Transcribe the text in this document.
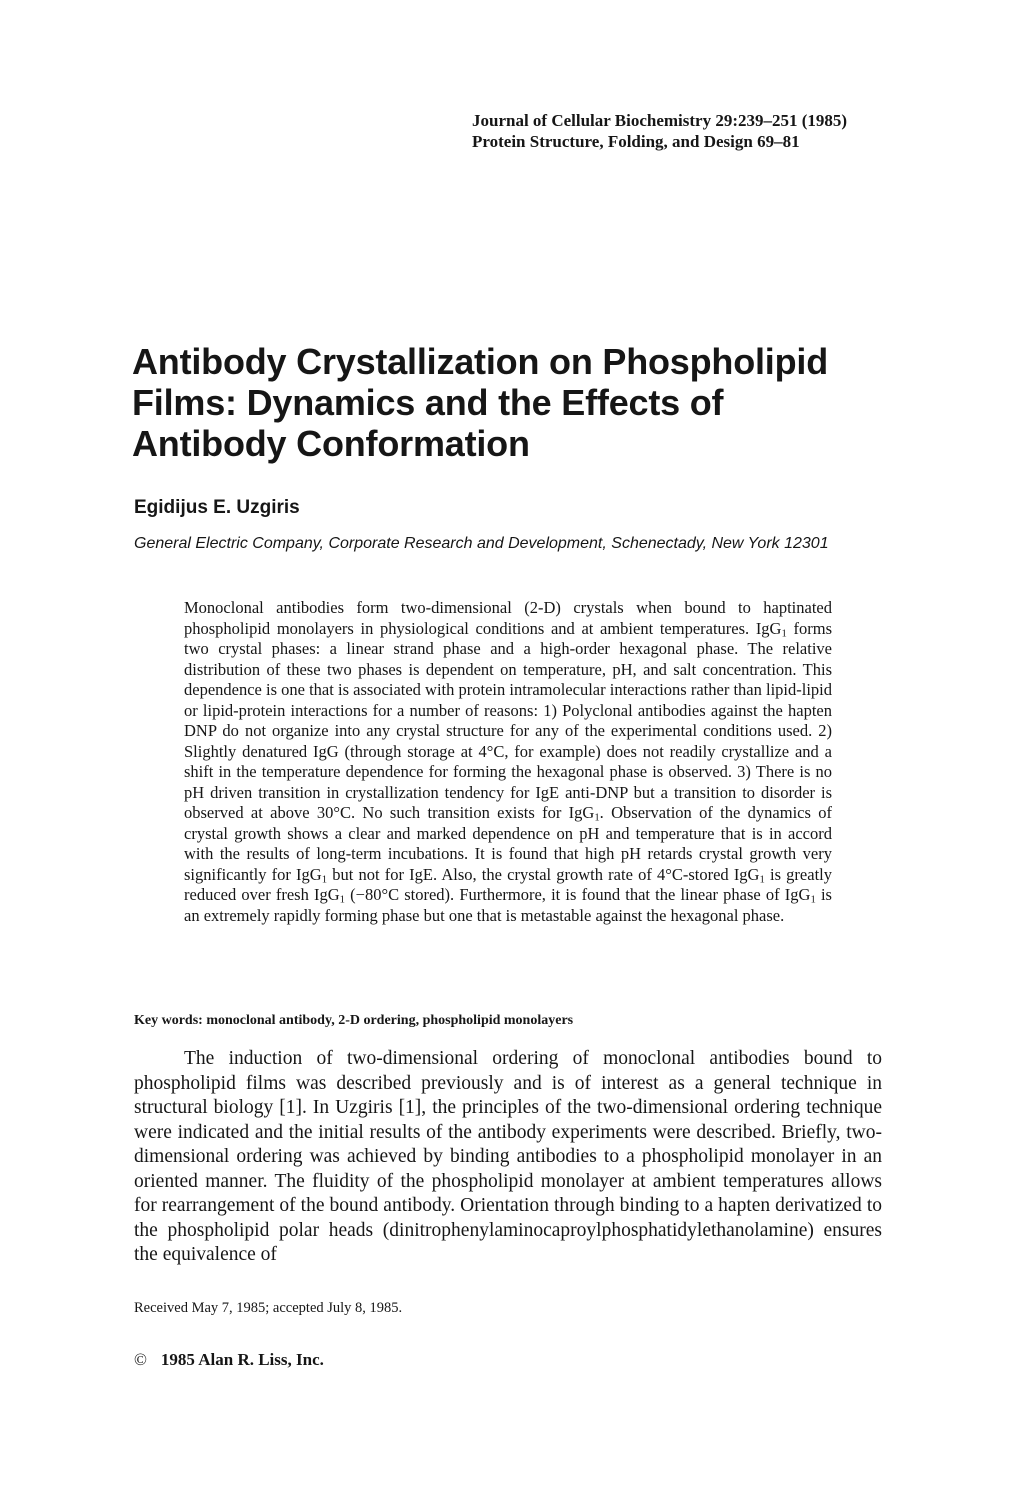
Journal of Cellular Biochemistry 29:239–251 (1985)
Protein Structure, Folding, and Design 69–81
Antibody Crystallization on Phospholipid
Films: Dynamics and the Effects of
Antibody Conformation
Egidijus E. Uzgiris
General Electric Company, Corporate Research and Development, Schenectady, New York 12301

Monoclonal antibodies form two-dimensional (2-D) crystals when bound to haptinated phospholipid monolayers in physiological conditions and at ambient temperatures. IgG$_1$ forms two crystal phases: a linear strand phase and a high-order hexagonal phase. The relative distribution of these two phases is dependent on temperature, pH, and salt concentration. This dependence is one that is associated with protein intramolecular interactions rather than lipid-lipid or lipid-protein interactions for a number of reasons: 1) Polyclonal antibodies against the hapten DNP do not organize into any crystal structure for any of the experimental conditions used. 2) Slightly denatured IgG (through storage at 4°C, for example) does not readily crystallize and a shift in the temperature dependence for forming the hexagonal phase is observed. 3) There is no pH driven transition in crystallization tendency for IgE anti-DNP but a transition to disorder is observed at above 30°C. No such transition exists for IgG$_1$. Observation of the dynamics of crystal growth shows a clear and marked dependence on pH and temperature that is in accord with the results of long-term incubations. It is found that high pH retards crystal growth very significantly for IgG$_1$ but not for IgE. Also, the crystal growth rate of 4°C-stored IgG$_1$ is greatly reduced over fresh IgG$_1$ (−80°C stored). Furthermore, it is found that the linear phase of IgG$_1$ is an extremely rapidly forming phase but one that is metastable against the hexagonal phase.

Key words: monoclonal antibody, 2-D ordering, phospholipid monolayers

The induction of two-dimensional ordering of monoclonal antibodies bound to phospholipid films was described previously and is of interest as a general technique in structural biology [1]. In Uzgiris [1], the principles of the two-dimensional ordering technique were indicated and the initial results of the antibody experiments were described. Briefly, two-dimensional ordering was achieved by binding antibodies to a phospholipid monolayer in an oriented manner. The fluidity of the phospholipid monolayer at ambient temperatures allows for rearrangement of the bound antibody. Orientation through binding to a hapten derivatized to the phospholipid polar heads (dinitrophenylaminocaproylphosphatidylethanolamine) ensures the equivalence of

Received May 7, 1985; accepted July 8, 1985.
© 1985 Alan R. Liss, Inc.
